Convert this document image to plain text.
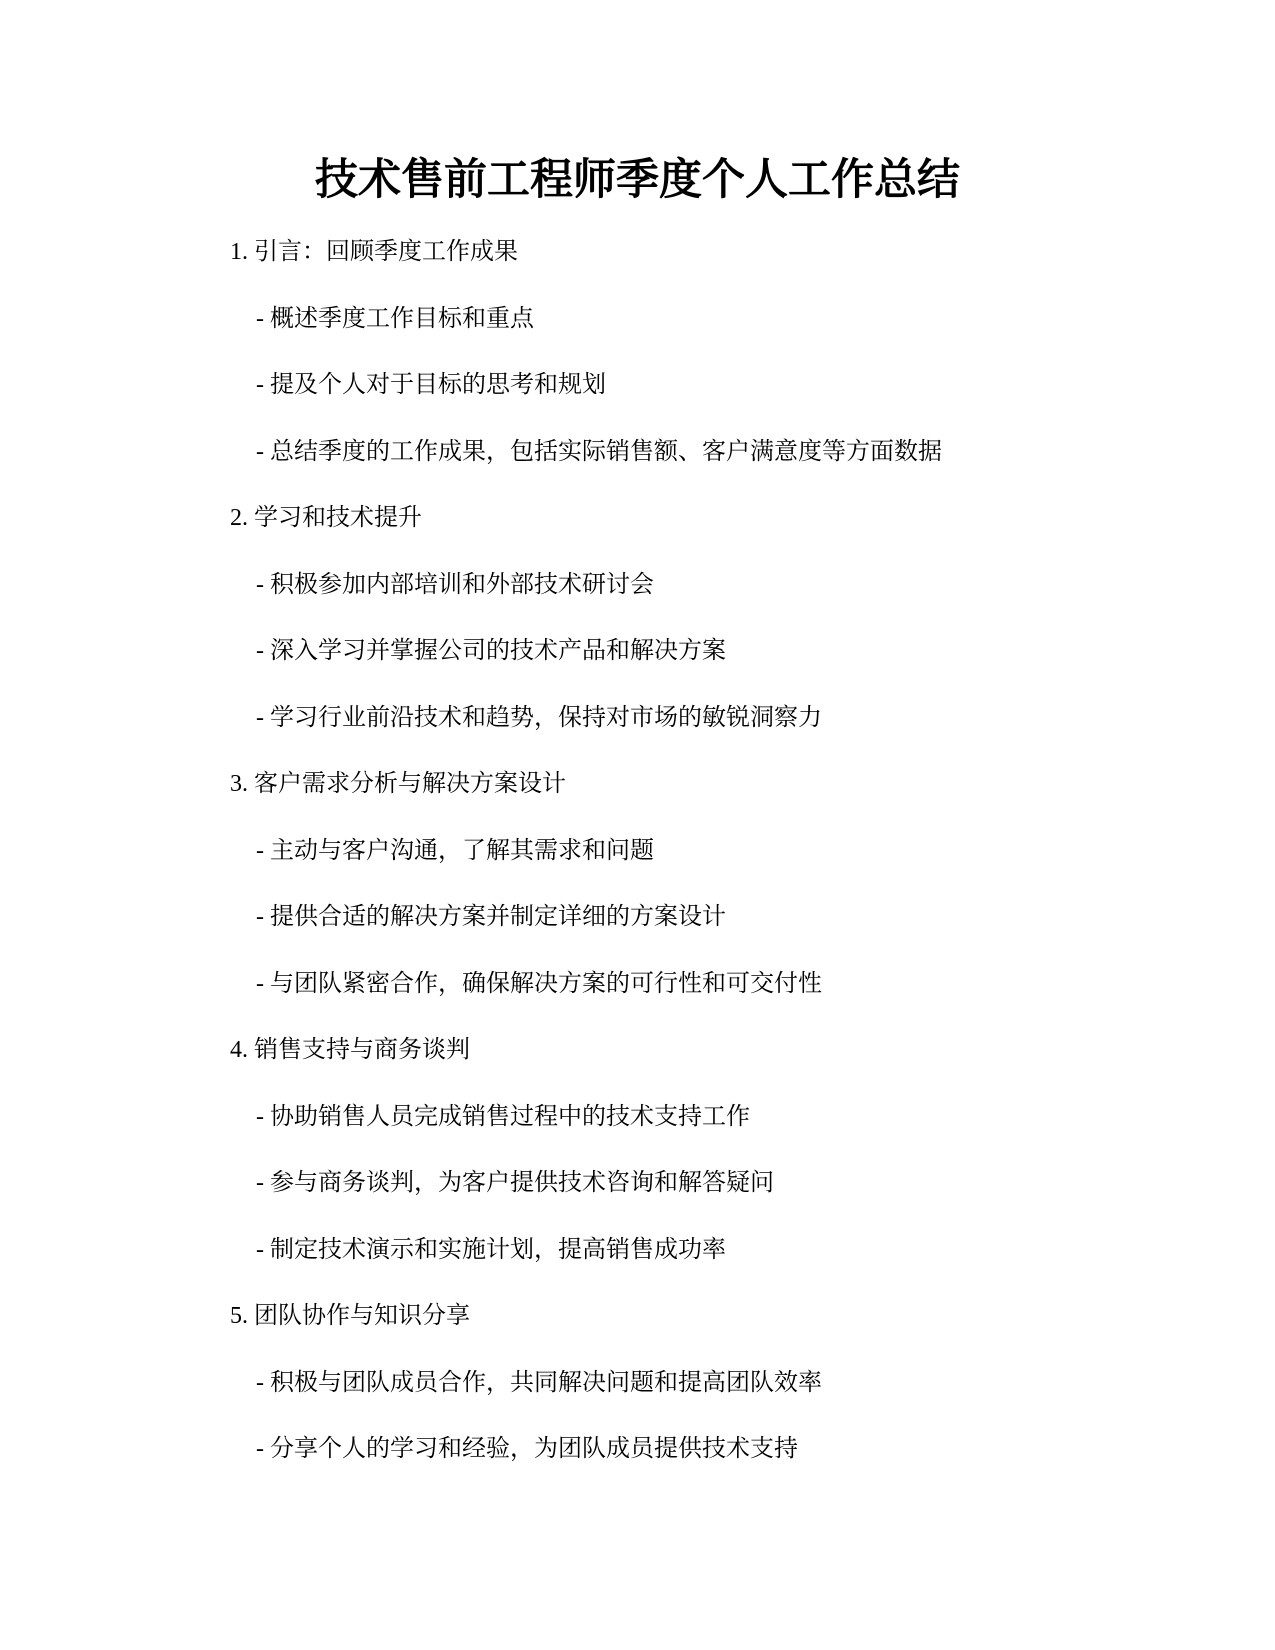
技术售前工程师季度个人工作总结
1. 引言：回顾季度工作成果
- 概述季度工作目标和重点
- 提及个人对于目标的思考和规划
- 总结季度的工作成果，包括实际销售额、客户满意度等方面数据
2. 学习和技术提升
- 积极参加内部培训和外部技术研讨会
- 深入学习并掌握公司的技术产品和解决方案
- 学习行业前沿技术和趋势，保持对市场的敏锐洞察力
3. 客户需求分析与解决方案设计
- 主动与客户沟通，了解其需求和问题
- 提供合适的解决方案并制定详细的方案设计
- 与团队紧密合作，确保解决方案的可行性和可交付性
4. 销售支持与商务谈判
- 协助销售人员完成销售过程中的技术支持工作
- 参与商务谈判，为客户提供技术咨询和解答疑问
- 制定技术演示和实施计划，提高销售成功率
5. 团队协作与知识分享
- 积极与团队成员合作，共同解决问题和提高团队效率
- 分享个人的学习和经验，为团队成员提供技术支持
